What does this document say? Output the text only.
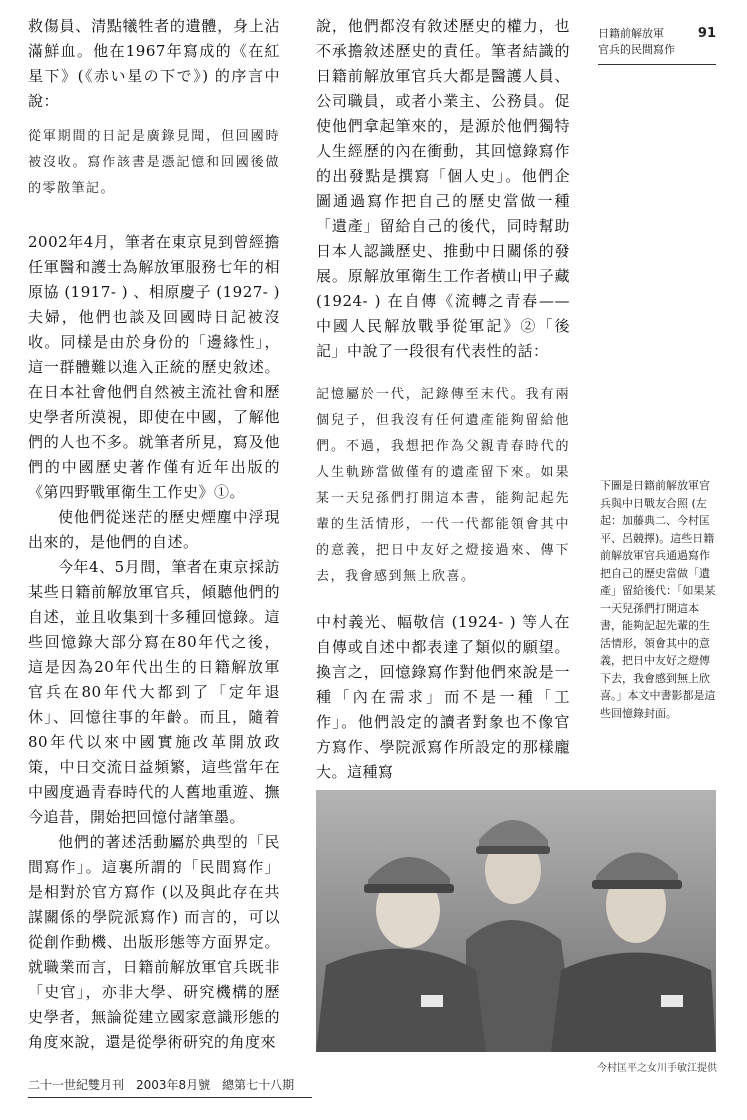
日籍前解放軍
官兵的民間寫作
91

救傷員、清點犧牲者的遺體，身上沾滿鮮血。他在1967年寫成的《在紅星下》(《赤い星の下で》) 的序言中說：

從軍期間的日記是廣錄見聞，但回國時被沒收。寫作該書是憑記憶和回國後做的零散筆記。

2002年4月，筆者在東京見到曾經擔任軍醫和護士為解放軍服務七年的相原協 (1917- ) 、相原慶子 (1927- ) 夫婦，他們也談及回國時日記被沒收。同樣是由於身份的「邊緣性」，這一群體難以進入正統的歷史敘述。在日本社會他們自然被主流社會和歷史學者所漠視，即使在中國，了解他們的人也不多。就筆者所見，寫及他們的中國歷史著作僅有近年出版的《第四野戰軍衛生工作史》①。

使他們從迷茫的歷史煙塵中浮現出來的，是他們的自述。

今年4、5月間，筆者在東京採訪某些日籍前解放軍官兵，傾聽他們的自述，並且收集到十多種回憶錄。這些回憶錄大部分寫在80年代之後，這是因為20年代出生的日籍解放軍官兵在80年代大都到了「定年退休」、回憶往事的年齡。而且，隨着80年代以來中國實施改革開放政策，中日交流日益頻繁，這些當年在中國度過青春時代的人舊地重遊、撫今追昔，開始把回憶付諸筆墨。

他們的著述活動屬於典型的「民間寫作」。這裏所謂的「民間寫作」是相對於官方寫作 (以及與此存在共謀關係的學院派寫作) 而言的，可以從創作動機、出版形態等方面界定。就職業而言，日籍前解放軍官兵既非「史官」，亦非大學、研究機構的歷史學者，無論從建立國家意識形態的角度來說，還是從學術研究的角度來

說，他們都沒有敘述歷史的權力，也不承擔敘述歷史的責任。筆者結識的日籍前解放軍官兵大都是醫護人員、公司職員，或者小業主、公務員。促使他們拿起筆來的，是源於他們獨特人生經歷的內在衝動，其回憶錄寫作的出發點是撰寫「個人史」。他們企圖通過寫作把自己的歷史當做一種「遺產」留給自己的後代，同時幫助日本人認識歷史、推動中日關係的發展。原解放軍衛生工作者横山甲子藏 (1924- ) 在自傳《流轉之青春——中國人民解放戰爭從軍記》②「後記」中說了一段很有代表性的話：

記憶屬於一代，記錄傳至末代。我有兩個兒子，但我沒有任何遺產能夠留給他們。不過，我想把作為父親青春時代的人生軌跡當做僅有的遺產留下來。如果某一天兒孫們打開這本書，能夠記起先輩的生活情形，一代一代都能領會其中的意義，把日中友好之燈接過來、傳下去，我會感到無上欣喜。

中村義光、幅敬信 (1924- ) 等人在自傳或自述中都表達了類似的願望。換言之，回憶錄寫作對他們來說是一種「內在需求」而不是一種「工作」。他們設定的讀者對象也不像官方寫作、學院派寫作所設定的那樣龐大。這種寫

下圖是日籍前解放軍官兵與中日戰友合照 (左起：加藤典二、今村匡平、呂競擇)。這些日籍前解放軍官兵通過寫作把自己的歷史當做「遺產」留給後代：「如果某一天兒孫們打開這本書，能夠記起先輩的生活情形，領會其中的意義，把日中友好之燈傳下去，我會感到無上欣喜。」本文中書影都是這些回憶錄封面。
今村匡平之女川手敏江提供
二十一世紀雙月刊　2003年8月號　總第七十八期
